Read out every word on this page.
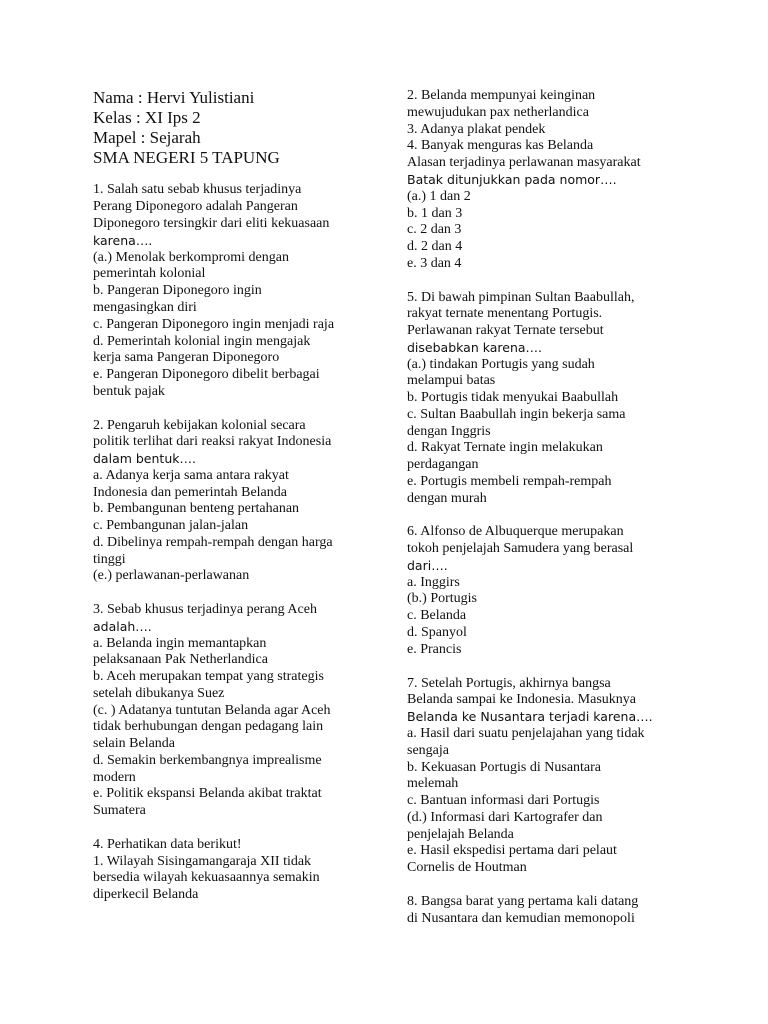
Nama : Hervi Yulistiani
Kelas : XI Ips 2
Mapel : Sejarah
SMA NEGERI 5 TAPUNG
1. Salah satu sebab khusus terjadinya
Perang Diponegoro adalah Pangeran
Diponegoro tersingkir dari eliti kekuasaan
karena….
(a.) Menolak berkompromi dengan
pemerintah kolonial
b. Pangeran Diponegoro ingin
mengasingkan diri
c. Pangeran Diponegoro ingin menjadi raja
d. Pemerintah kolonial ingin mengajak
kerja sama Pangeran Diponegoro
e. Pangeran Diponegoro dibelit berbagai
bentuk pajak
2. Pengaruh kebijakan kolonial secara
politik terlihat dari reaksi rakyat Indonesia
dalam bentuk….
a. Adanya kerja sama antara rakyat
Indonesia dan pemerintah Belanda
b. Pembangunan benteng pertahanan
c. Pembangunan jalan-jalan
d. Dibelinya rempah-rempah dengan harga
tinggi
(e.) perlawanan-perlawanan
3. Sebab khusus terjadinya perang Aceh
adalah….
a. Belanda ingin memantapkan
pelaksanaan Pak Netherlandica
b. Aceh merupakan tempat yang strategis
setelah dibukanya Suez
(c. ) Adatanya tuntutan Belanda agar Aceh
tidak berhubungan dengan pedagang lain
selain Belanda
d. Semakin berkembangnya imprealisme
modern
e. Politik ekspansi Belanda akibat traktat
Sumatera
4. Perhatikan data berikut!
1. Wilayah Sisingamangaraja XII tidak
bersedia wilayah kekuasaannya semakin
diperkecil Belanda
2. Belanda mempunyai keinginan
mewujudukan pax netherlandica
3. Adanya plakat pendek
4. Banyak menguras kas Belanda
Alasan terjadinya perlawanan masyarakat
Batak ditunjukkan pada nomor….
(a.) 1 dan 2
b. 1 dan 3
c. 2 dan 3
d. 2 dan 4
e. 3 dan 4
5. Di bawah pimpinan Sultan Baabullah,
rakyat ternate menentang Portugis.
Perlawanan rakyat Ternate tersebut
disebabkan karena….
(a.) tindakan Portugis yang sudah
melampui batas
b. Portugis tidak menyukai Baabullah
c. Sultan Baabullah ingin bekerja sama
dengan Inggris
d. Rakyat Ternate ingin melakukan
perdagangan
e. Portugis membeli rempah-rempah
dengan murah
6. Alfonso de Albuquerque merupakan
tokoh penjelajah Samudera yang berasal
dari….
a. Inggirs
(b.) Portugis
c. Belanda
d. Spanyol
e. Prancis
7. Setelah Portugis, akhirnya bangsa
Belanda sampai ke Indonesia. Masuknya
Belanda ke Nusantara terjadi karena….
a. Hasil dari suatu penjelajahan yang tidak
sengaja
b. Kekuasan Portugis di Nusantara
melemah
c. Bantuan informasi dari Portugis
(d.) Informasi dari Kartografer dan
penjelajah Belanda
e. Hasil ekspedisi pertama dari pelaut
Cornelis de Houtman
8. Bangsa barat yang pertama kali datang
di Nusantara dan kemudian memonopoli
